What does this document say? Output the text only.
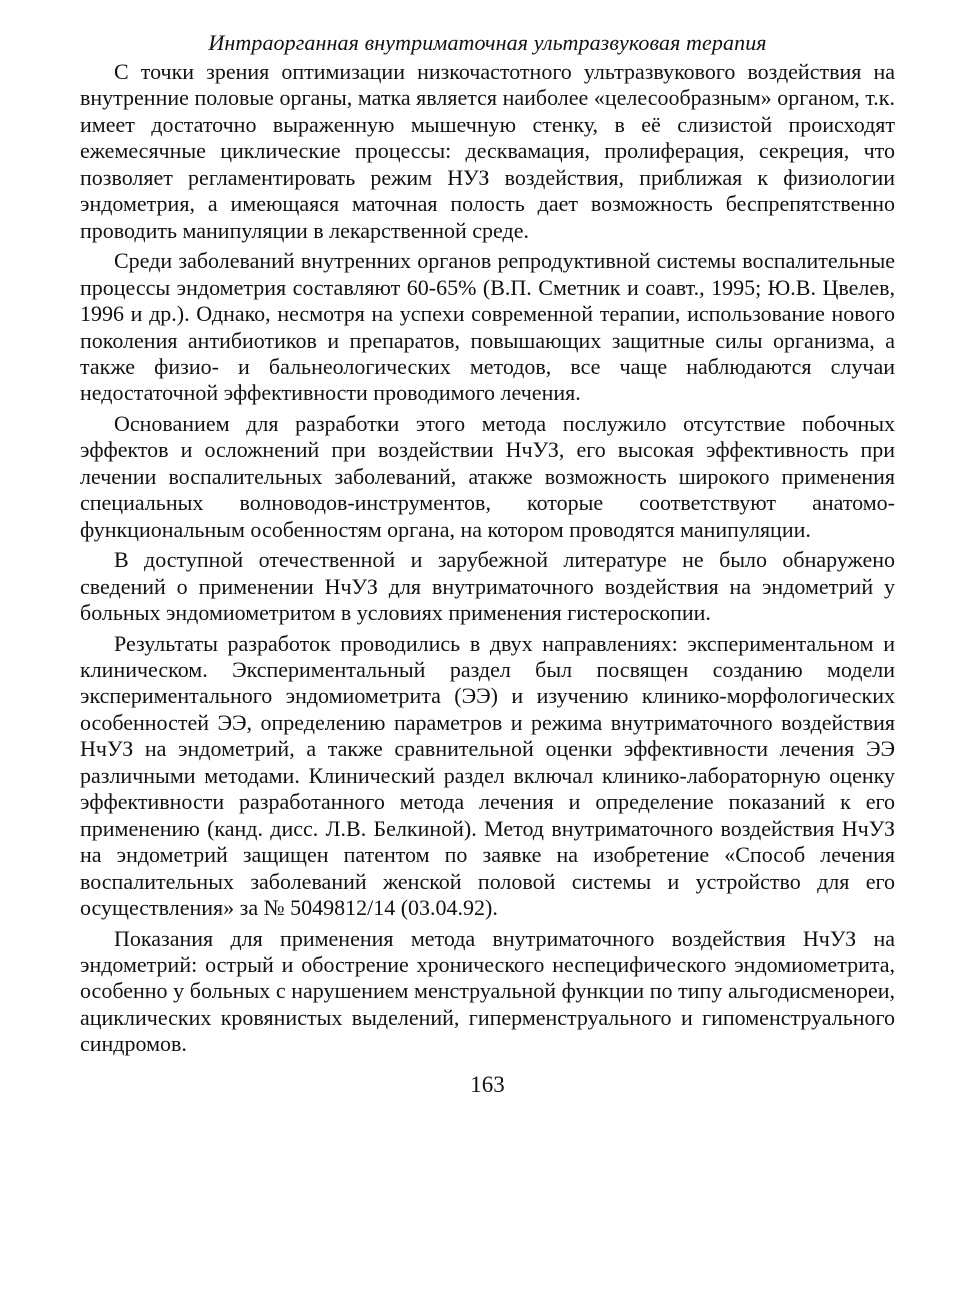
Интраорганная внутриматочная ультразвуковая терапия

С точки зрения оптимизации низкочастотного ультразвукового воздействия на внутренние половые органы, матка является наиболее «целесообразным» органом, т.к. имеет достаточно выраженную мышечную стенку, в её слизистой происходят ежемесячные циклические процессы: десквамация, пролиферация, секреция, что позволяет регламентировать режим НУЗ воздействия, приближая к физиологии эндометрия, а имеющаяся маточная полость дает возможность беспрепятственно проводить манипуляции в лекарственной среде.

Среди заболеваний внутренних органов репродуктивной системы воспалительные процессы эндометрия составляют 60-65% (В.П. Сметник и соавт., 1995; Ю.В. Цвелев, 1996 и др.). Однако, несмотря на успехи современной терапии, использование нового поколения антибиотиков и препаратов, повышающих защитные силы организма, а также физио- и бальнеологических методов, все чаще наблюдаются случаи недостаточной эффективности проводимого лечения.

Основанием для разработки этого метода послужило отсутствие побочных эффектов и осложнений при воздействии НчУЗ, его высокая эффективность при лечении воспалительных заболеваний, атакже возможность широкого применения специальных волноводов-инструментов, которые соответствуют анатомо-функциональным особенностям органа, на котором проводятся манипуляции.

В доступной отечественной и зарубежной литературе не было обнаружено сведений о применении НчУЗ для внутриматочного воздействия на эндометрий у больных эндомиометритом в условиях применения гистероскопии.

Результаты разработок проводились в двух направлениях: экспериментальном и клиническом. Экспериментальный раздел был посвящен созданию модели экспериментального эндомиометрита (ЭЭ) и изучению клинико-морфологических особенностей ЭЭ, определению параметров и режима внутриматочного воздействия НчУЗ на эндометрий, а также сравнительной оценки эффективности лечения ЭЭ различными методами. Клинический раздел включал клинико-лабораторную оценку эффективности разработанного метода лечения и определение показаний к его применению (канд. дисс. Л.В. Белкиной). Метод внутриматочного воздействия НчУЗ на эндометрий защищен патентом по заявке на изобретение «Способ лечения воспалительных заболеваний женской половой системы и устройство для его осуществления» за № 5049812/14 (03.04.92).

Показания для применения метода внутриматочного воздействия НчУЗ на эндометрий: острый и обострение хронического неспецифического эндомиометрита, особенно у больных с нарушением менструальной функции по типу альгодисменореи, ациклических кровянистых выделений, гиперменструального и гипоменструального синдромов.

163
